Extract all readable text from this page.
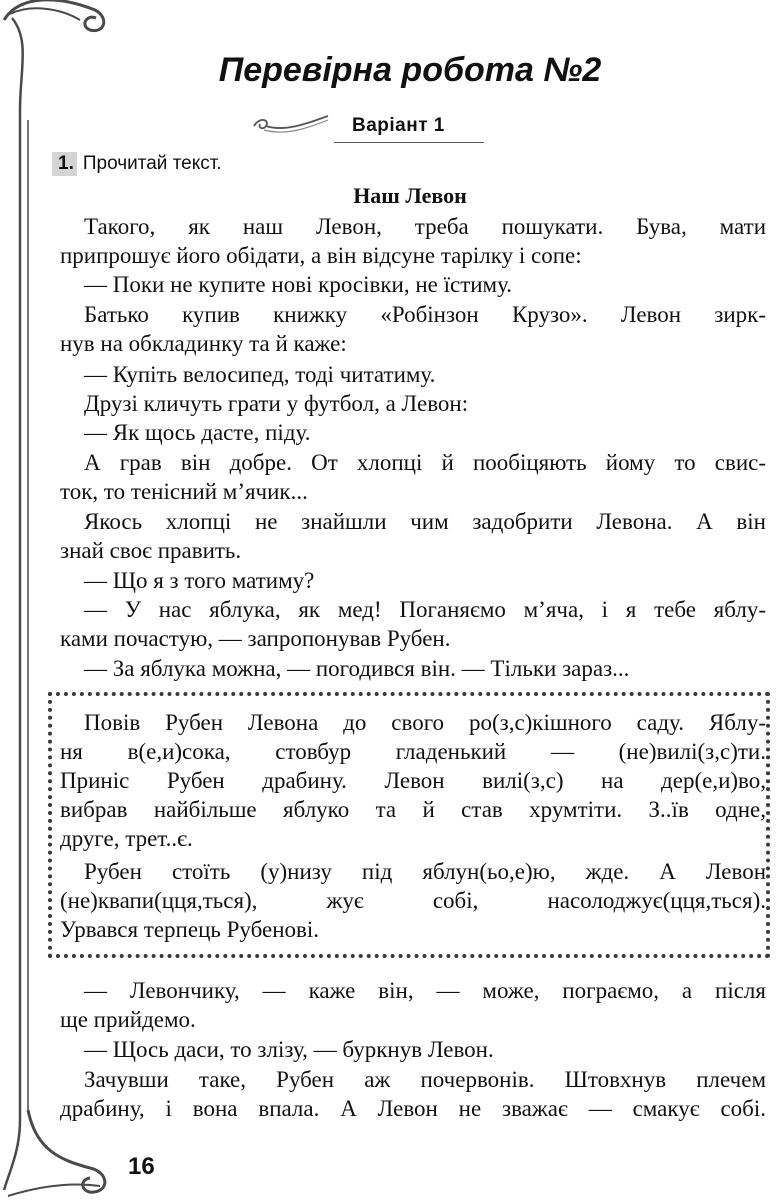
Перевірна робота №2
Варіант 1
1. Прочитай текст.
Наш Левон
Такого, як наш Левон, треба пошукати. Бува, мати
припрошує його обідати, а він відсуне тарілку і сопе:
— Поки не купите нові кросівки, не їстиму.
Батько купив книжку «Робінзон Крузо». Левон зирк-
нув на обкладинку та й каже:
— Купіть велосипед, тоді читатиму.
Друзі кличуть грати у футбол, а Левон:
— Як щось дасте, піду.
А грав він добре. От хлопці й пообіцяють йому то свис-
ток, то тенісний м’ячик...
Якось хлопці не знайшли чим задобрити Левона. А він
знай своє править.
— Що я з того матиму?
— У нас яблука, як мед! Поганяємо м’яча, і я тебе яблу-
ками почастую, — запропонував Рубен.
— За яблука можна, — погодився він. — Тільки зараз...
Повів Рубен Левона до свого ро(з,с)кішного саду. Яблу-
ня в(е,и)сока, стовбур гладенький — (не)вилі(з,с)ти.
Приніс Рубен драбину. Левон вилі(з,с) на дер(е,и)во,
вибрав найбільше яблуко та й став хрумтіти. З..їв одне,
друге, трет..є.
Рубен стоїть (у)низу під яблун(ьо,е)ю, жде. А Левон
(не)квапи(цця,ться), жує собі, насолоджує(цця,ться).
Урвався терпець Рубенові.
— Левончику, — каже він, — може, пограємо, а після
ще прийдемо.
— Щось даси, то злізу, — буркнув Левон.
Зачувши таке, Рубен аж почервонів. Штовхнув плечем
драбину, і вона впала. А Левон не зважає — смакує собі.
16
